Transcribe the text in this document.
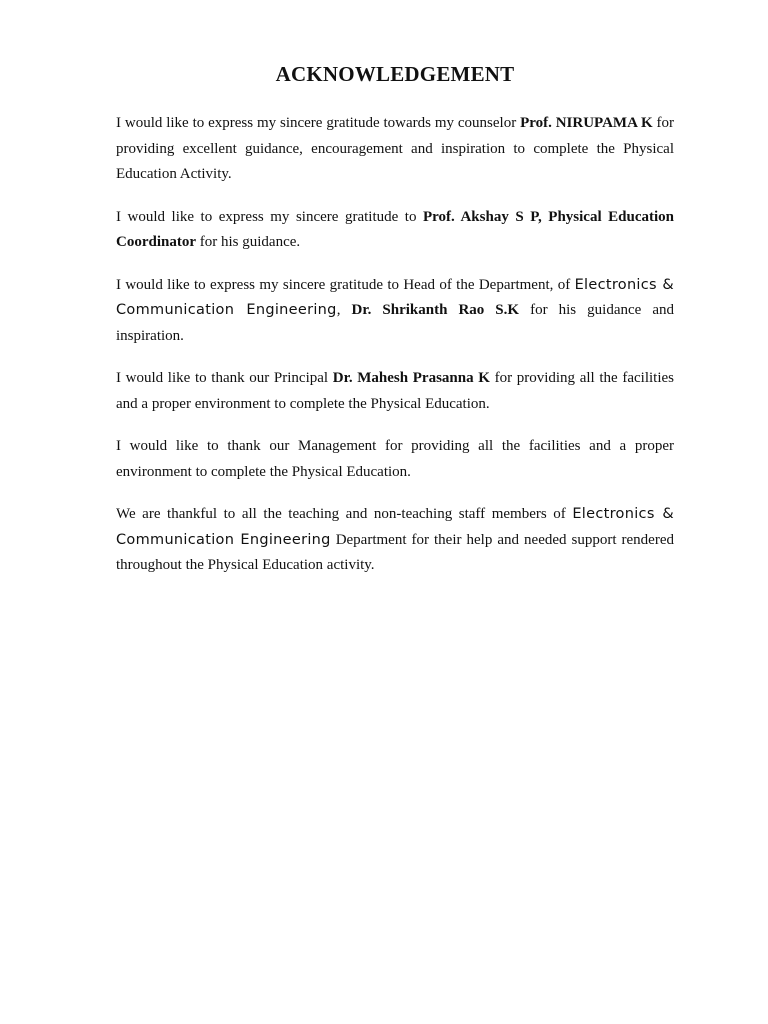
ACKNOWLEDGEMENT

I would like to express my sincere gratitude towards my counselor Prof. NIRUPAMA K for providing excellent guidance, encouragement and inspiration to complete the Physical Education Activity.

I would like to express my sincere gratitude to Prof. Akshay S P, Physical Education Coordinator for his guidance.

I would like to express my sincere gratitude to Head of the Department, of Electronics & Communication Engineering, Dr. Shrikanth Rao S.K for his guidance and inspiration.

I would like to thank our Principal Dr. Mahesh Prasanna K for providing all the facilities and a proper environment to complete the Physical Education.

I would like to thank our Management for providing all the facilities and a proper environment to complete the Physical Education.

We are thankful to all the teaching and non-teaching staff members of Electronics & Communication Engineering Department for their help and needed support rendered throughout the Physical Education activity.
